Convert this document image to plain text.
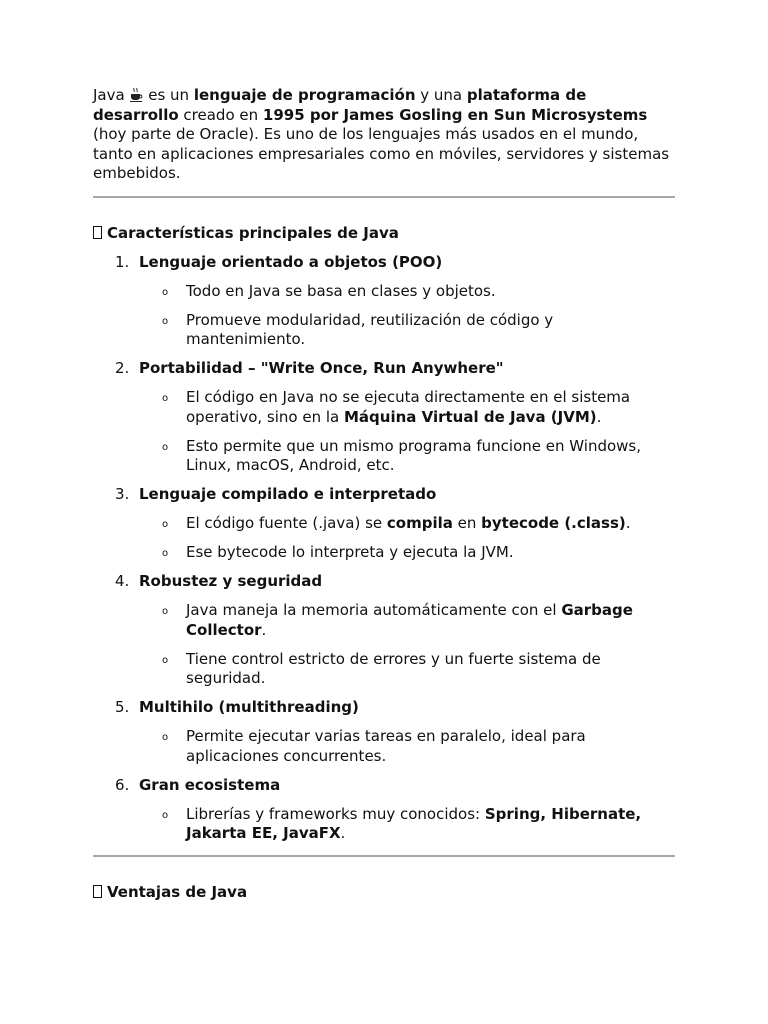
Java  es un lenguaje de programación y una plataforma de desarrollo creado en 1995 por James Gosling en Sun Microsystems (hoy parte de Oracle). Es uno de los lenguajes más usados en el mundo, tanto en aplicaciones empresariales como en móviles, servidores y sistemas embebidos.

Características principales de Java
1. Lenguaje orientado a objetos (POO)
o Todo en Java se basa en clases y objetos.
o Promueve modularidad, reutilización de código y mantenimiento.
2. Portabilidad – "Write Once, Run Anywhere"
o El código en Java no se ejecuta directamente en el sistema operativo, sino en la Máquina Virtual de Java (JVM).
o Esto permite que un mismo programa funcione en Windows, Linux, macOS, Android, etc.
3. Lenguaje compilado e interpretado
o El código fuente (.java) se compila en bytecode (.class).
o Ese bytecode lo interpreta y ejecuta la JVM.
4. Robustez y seguridad
o Java maneja la memoria automáticamente con el Garbage Collector.
o Tiene control estricto de errores y un fuerte sistema de seguridad.
5. Multihilo (multithreading)
o Permite ejecutar varias tareas en paralelo, ideal para aplicaciones concurrentes.
6. Gran ecosistema
o Librerías y frameworks muy conocidos: Spring, Hibernate, Jakarta EE, JavaFX.
Ventajas de Java
